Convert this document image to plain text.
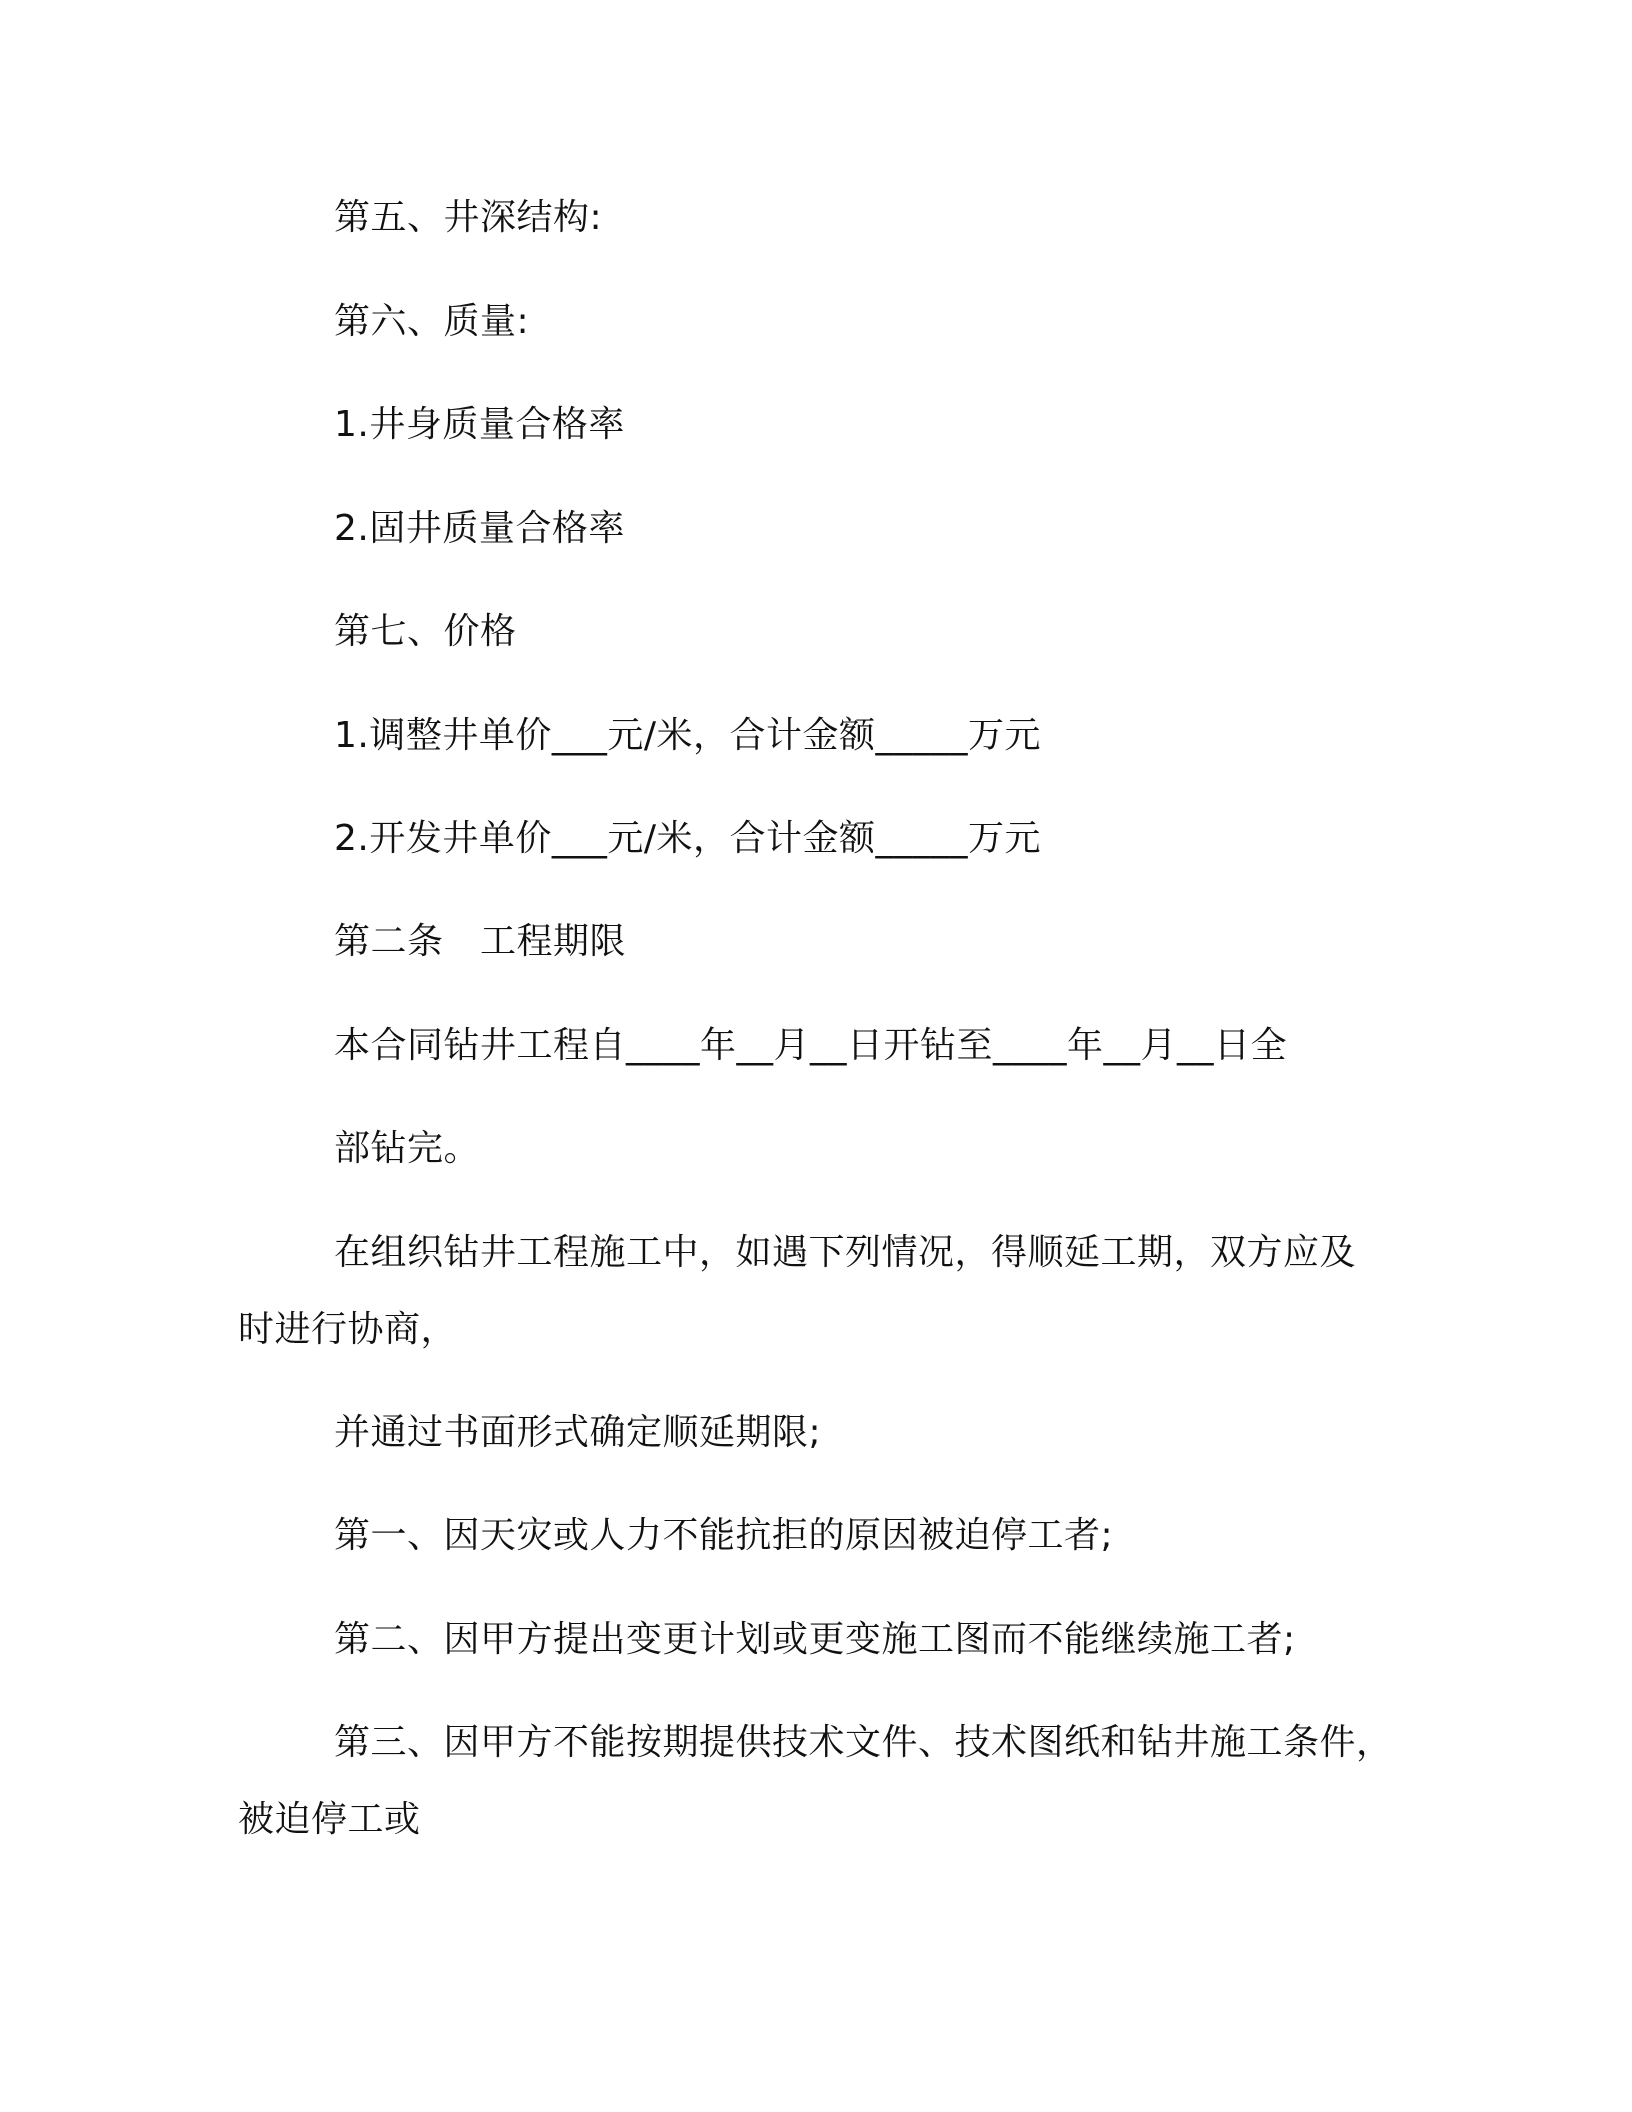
第五、井深结构:
第六、质量:
1.井身质量合格率
2.固井质量合格率
第七、价格
1.调整井单价___元/米，合计金额_____万元
2.开发井单价___元/米，合计金额_____万元
第二条　工程期限
本合同钻井工程自____年__月__日开钻至____年__月__日全
部钻完。
在组织钻井工程施工中，如遇下列情况，得顺延工期，双方应及
时进行协商，
并通过书面形式确定顺延期限;
第一、因天灾或人力不能抗拒的原因被迫停工者;
第二、因甲方提出变更计划或更变施工图而不能继续施工者;
第三、因甲方不能按期提供技术文件、技术图纸和钻井施工条件，
被迫停工或
